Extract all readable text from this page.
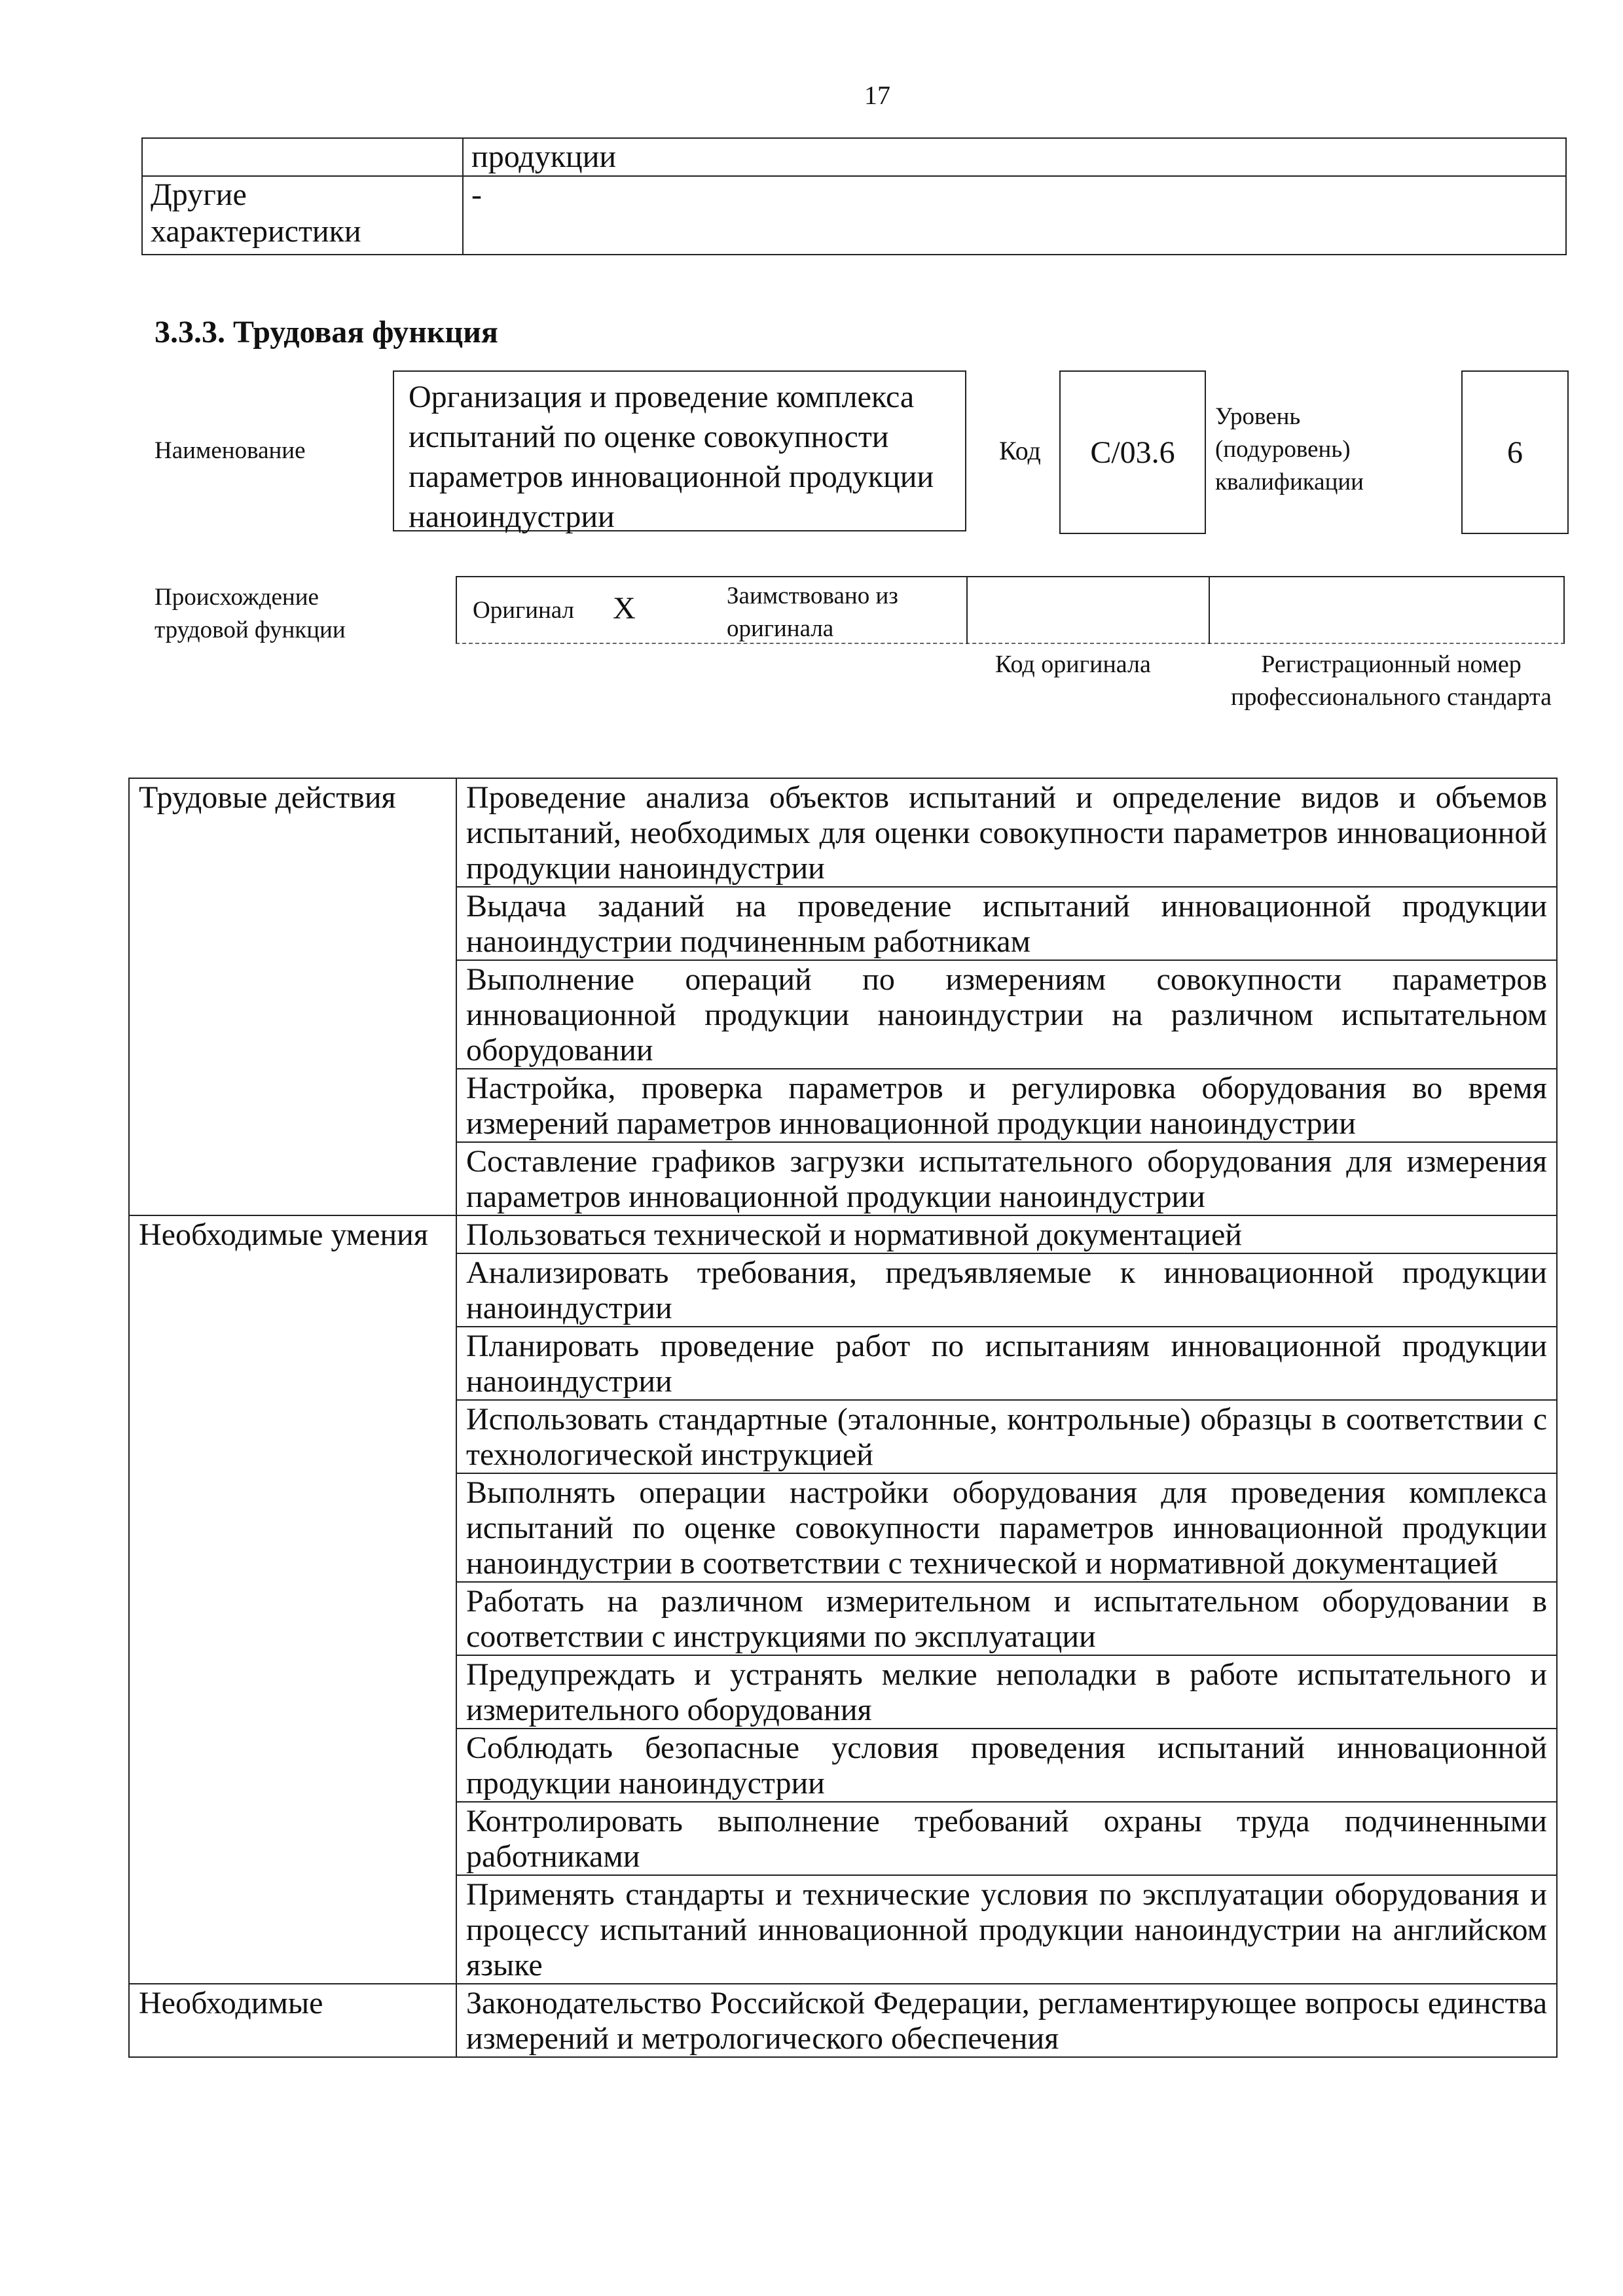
17
	продукции
Другие характеристики	-
3.3.3. Трудовая функция
Наименование
Организация и проведение комплекса испытаний по оценке совокупности параметров инновационной продукции наноиндустрии
Код	C/03.6
Уровень (подуровень) квалификации
6
Происхождение трудовой функции
Оригинал X	Заимствовано из оригинала
Код оригинала	Регистрационный номер профессионального стандарта
Трудовые действия	Проведение анализа объектов испытаний и определение видов и объемов испытаний, необходимых для оценки совокупности параметров инновационной продукции наноиндустрии
	Выдача заданий на проведение испытаний инновационной продукции наноиндустрии подчиненным работникам
	Выполнение операций по измерениям совокупности параметров инновационной продукции наноиндустрии на различном испытательном оборудовании
	Настройка, проверка параметров и регулировка оборудования во время измерений параметров инновационной продукции наноиндустрии
	Составление графиков загрузки испытательного оборудования для измерения параметров инновационной продукции наноиндустрии
Необходимые умения	Пользоваться технической и нормативной документацией
	Анализировать требования, предъявляемые к инновационной продукции наноиндустрии
	Планировать проведение работ по испытаниям инновационной продукции наноиндустрии
	Использовать стандартные (эталонные, контрольные) образцы в соответствии с технологической инструкцией
	Выполнять операции настройки оборудования для проведения комплекса испытаний по оценке совокупности параметров инновационной продукции наноиндустрии в соответствии с технической и нормативной документацией
	Работать на различном измерительном и испытательном оборудовании в соответствии с инструкциями по эксплуатации
	Предупреждать и устранять мелкие неполадки в работе испытательного и измерительного оборудования
	Соблюдать безопасные условия проведения испытаний инновационной продукции наноиндустрии
	Контролировать выполнение требований охраны труда подчиненными работниками
	Применять стандарты и технические условия по эксплуатации оборудования и процессу испытаний инновационной продукции наноиндустрии на английском языке
Необходимые	Законодательство Российской Федерации, регламентирующее вопросы единства измерений и метрологического обеспечения
